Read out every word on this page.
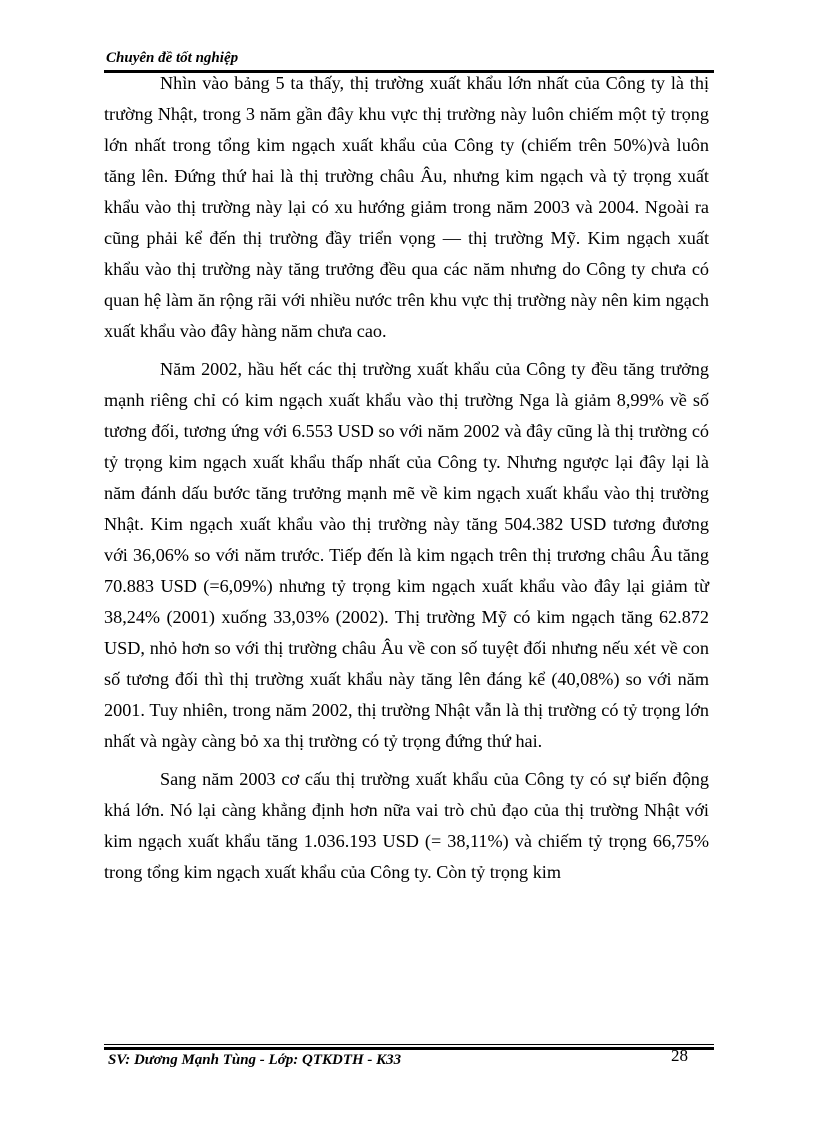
Chuyên đề tốt nghiệp

Nhìn vào bảng 5 ta thấy, thị trường xuất khẩu lớn nhất của Công ty là thị trường Nhật, trong 3 năm gần đây khu vực thị trường này luôn chiếm một tỷ trọng lớn nhất trong tổng kim ngạch xuất khẩu của Công ty (chiếm trên 50%)và luôn tăng lên. Đứng thứ hai là thị trường châu Âu, nhưng kim ngạch và tỷ trọng xuất khẩu vào thị trường này lại có xu hướng giảm trong năm 2003 và 2004. Ngoài ra cũng phải kể đến thị trường đầy triển vọng — thị trường Mỹ. Kim ngạch xuất khẩu vào thị trường này tăng trưởng đều qua các năm nhưng do Công ty chưa có quan hệ làm ăn rộng rãi với nhiều nước trên khu vực thị trường này nên kim ngạch xuất khẩu vào đây hàng năm chưa cao.

Năm 2002, hầu hết các thị trường xuất khẩu của Công ty đều tăng trưởng mạnh riêng chỉ có kim ngạch xuất khẩu vào thị trường Nga là giảm 8,99% về số tương đối, tương ứng với 6.553 USD so với năm 2002 và đây cũng là thị trường có tỷ trọng kim ngạch xuất khẩu thấp nhất của Công ty. Nhưng ngược lại đây lại là năm đánh dấu bước tăng trưởng mạnh mẽ về kim ngạch xuất khẩu vào thị trường Nhật. Kim ngạch xuất khẩu vào thị trường này tăng 504.382 USD tương đương với 36,06% so với năm trước. Tiếp đến là kim ngạch trên thị trương châu Âu tăng 70.883 USD (=6,09%) nhưng tỷ trọng kim ngạch xuất khẩu vào đây lại giảm từ 38,24% (2001) xuống 33,03% (2002). Thị trường Mỹ có kim ngạch tăng 62.872 USD, nhỏ hơn so với thị trường châu Âu về con số tuyệt đối nhưng nếu xét về con số tương đối thì thị trường xuất khẩu này tăng lên đáng kể (40,08%) so với năm 2001. Tuy nhiên, trong năm 2002, thị trường Nhật vẫn là thị trường có tỷ trọng lớn nhất và ngày càng bỏ xa thị trường có tỷ trọng đứng thứ hai.

Sang năm 2003 cơ cấu thị trường xuất khẩu của Công ty có sự biến động khá lớn. Nó lại càng khẳng định hơn nữa vai trò chủ đạo của thị trường Nhật với kim ngạch xuất khẩu tăng 1.036.193 USD (= 38,11%) và chiếm tỷ trọng 66,75% trong tổng kim ngạch xuất khẩu của Công ty. Còn tỷ trọng kim

SV: Dương Mạnh Tùng - Lớp: QTKDTH - K33	28
